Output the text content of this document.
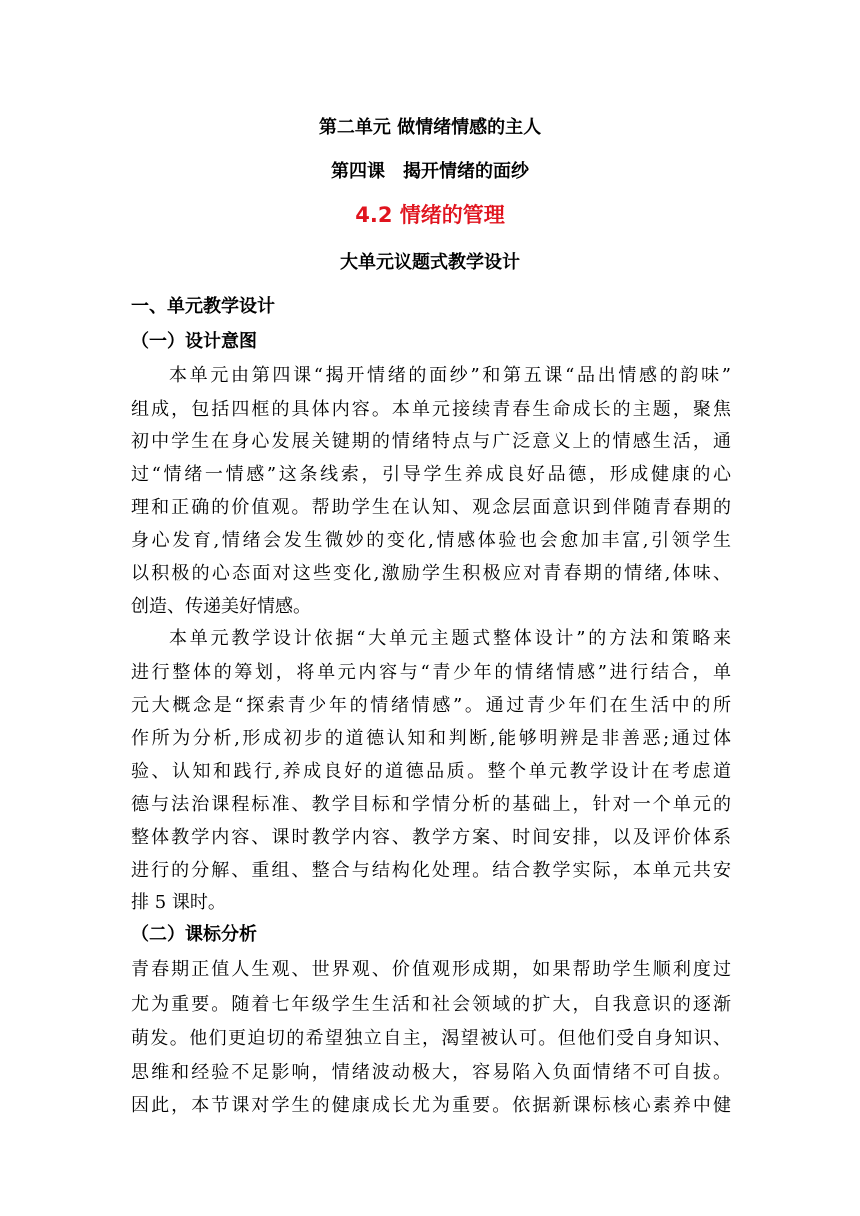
第二单元 做情绪情感的主人
第四课　揭开情绪的面纱
4.2 情绪的管理
大单元议题式教学设计
一、单元教学设计
（一）设计意图
本单元由第四课“揭开情绪的面纱”和第五课“品出情感的韵味”
组成，包括四框的具体内容。本单元接续青春生命成长的主题，聚焦
初中学生在身心发展关键期的情绪特点与广泛意义上的情感生活，通
过“情绪一情感”这条线索，引导学生养成良好品德，形成健康的心
理和正确的价值观。帮助学生在认知、观念层面意识到伴随青春期的
身心发育,情绪会发生微妙的变化,情感体验也会愈加丰富,引领学生
以积极的心态面对这些变化,激励学生积极应对青春期的情绪,体味、
创造、传递美好情感。
本单元教学设计依据“大单元主题式整体设计”的方法和策略来
进行整体的筹划，将单元内容与“青少年的情绪情感”进行结合，单
元大概念是“探索青少年的情绪情感”。通过青少年们在生活中的所
作所为分析,形成初步的道德认知和判断,能够明辨是非善恶;通过体
验、认知和践行,养成良好的道德品质。整个单元教学设计在考虑道
德与法治课程标准、教学目标和学情分析的基础上，针对一个单元的
整体教学内容、课时教学内容、教学方案、时间安排，以及评价体系
进行的分解、重组、整合与结构化处理。结合教学实际，本单元共安
排 5 课时。
（二）课标分析
青春期正值人生观、世界观、价值观形成期，如果帮助学生顺利度过
尤为重要。随着七年级学生生活和社会领域的扩大，自我意识的逐渐
萌发。他们更迫切的希望独立自主，渴望被认可。但他们受自身知识、
思维和经验不足影响，情绪波动极大，容易陷入负面情绪不可自拔。
因此，本节课对学生的健康成长尤为重要。依据新课标核心素养中健
